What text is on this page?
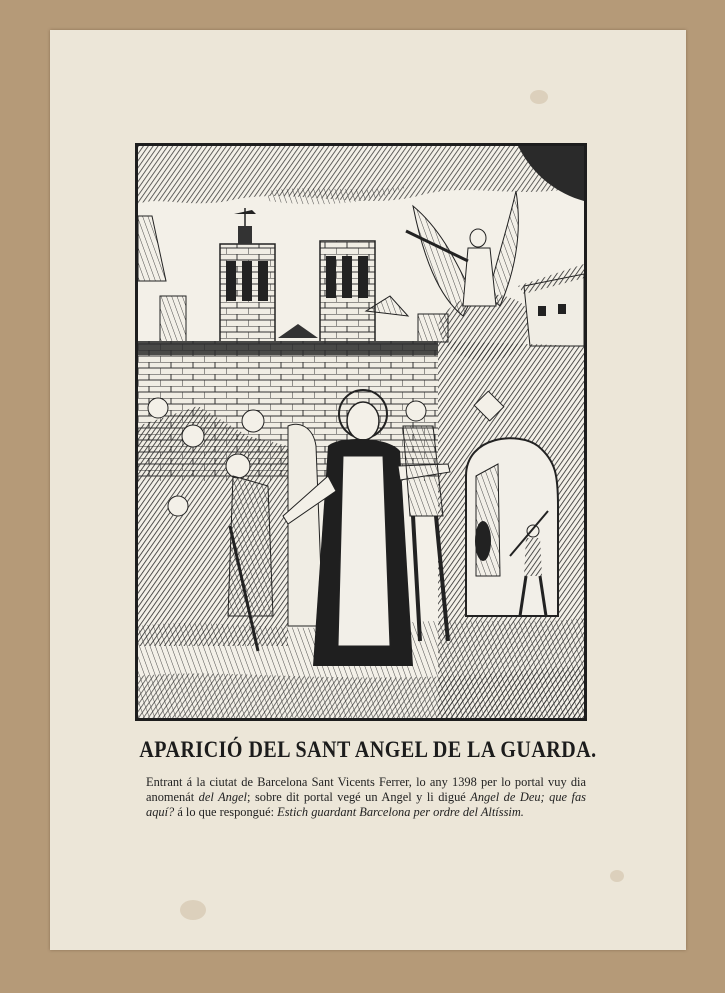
APARICIÓ DEL SANT ANGEL DE LA GUARDA.
Entrant á la ciutat de Barcelona Sant Vicents Ferrer, lo any 1398 per lo portal vuy dia anomenát del Angel; sobre dit portal vegé un Angel y li digué Angel de Deu; que fas aquí? á lo que respongué: Estich guardant Barcelona per ordre del Altíssim.
